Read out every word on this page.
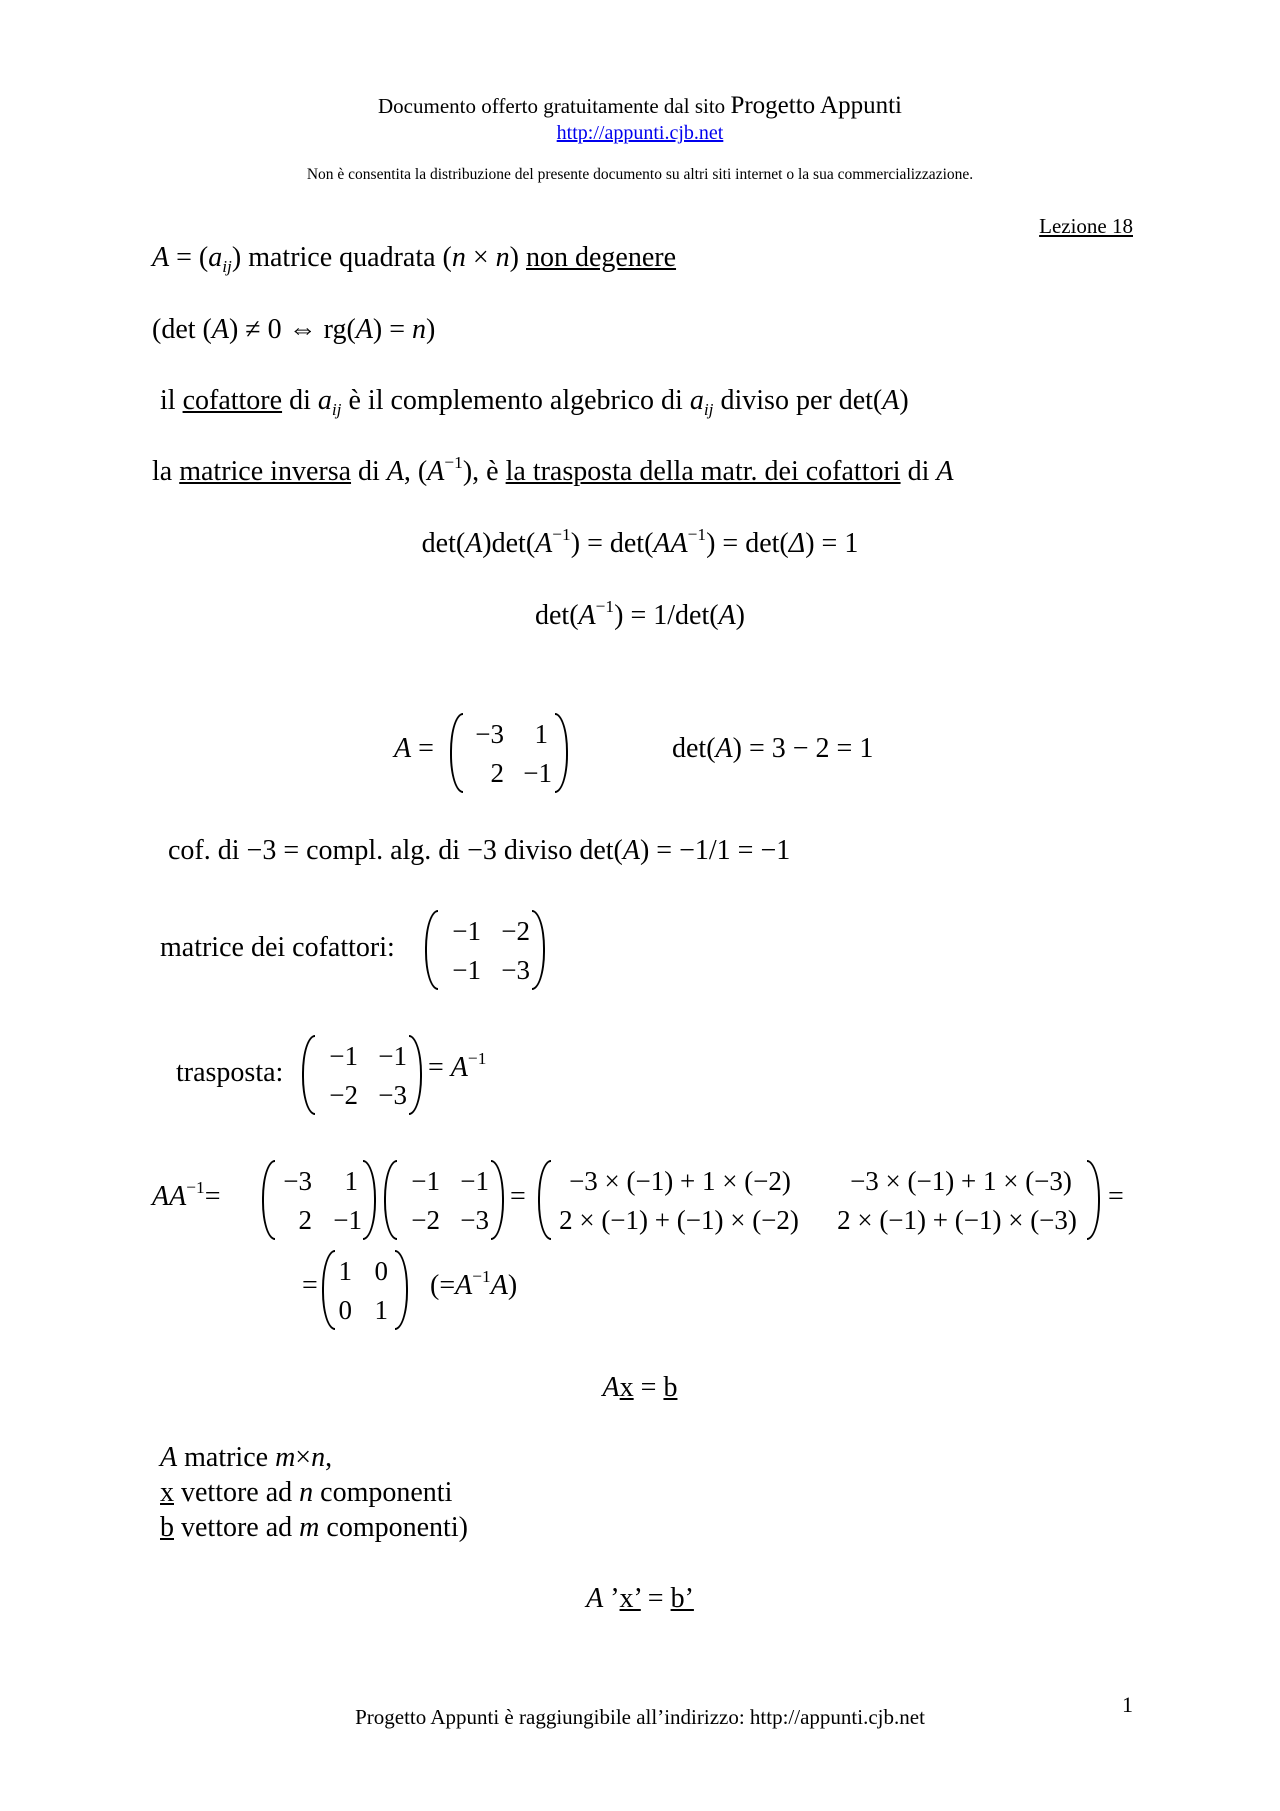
Documento offerto gratuitamente dal sito Progetto Appunti
http://appunti.cjb.net
Non è consentita la distribuzione del presente documento su altri siti internet o la sua commercializzazione.
Lezione 18
$A = (a_{ij})$ matrice quadrata (n × n) non degenere
(det (A) ≠ 0 ⇔ rg(A) = n)
il cofattore di $a_{ij}$ è il complemento algebrico di $a_{ij}$ diviso per det(A)
la matrice inversa di A, $(A^{-1})$, è la trasposta della matr. dei cofattori di A
$\det(A)\det(A^{-1}) = \det(AA^{-1}) = \det(\Delta) = 1$
$\det(A^{-1}) = 1/\det(A)$
A =	−3	1
2 −1
det(A) = 3 − 2 = 1
cof. di −3 = compl. alg. di −3 diviso det(A) = −1/1 = −1
matrice dei cofattori:
−1 −2
−1 −3
trasposta:
−1 −1
−2 −3
= $A^{-1}$
$AA^{-1}=$	−3	1
2 −1
−1 −1
−2 −3
=	−3 × (−1) + 1 × (−2)	−3 × (−1) + 1 × (−3)
2 × (−1) + (−1) × (−2)	2 × (−1) + (−1) × (−3)
=
= 1 0
0 1
$(=A^{-1}A)$
Ax = b
A matrice m×n,
x vettore ad n componenti
b vettore ad m componenti)
A ’x’ = b’
1
Progetto Appunti è raggiungibile all’indirizzo: http://appunti.cjb.net
